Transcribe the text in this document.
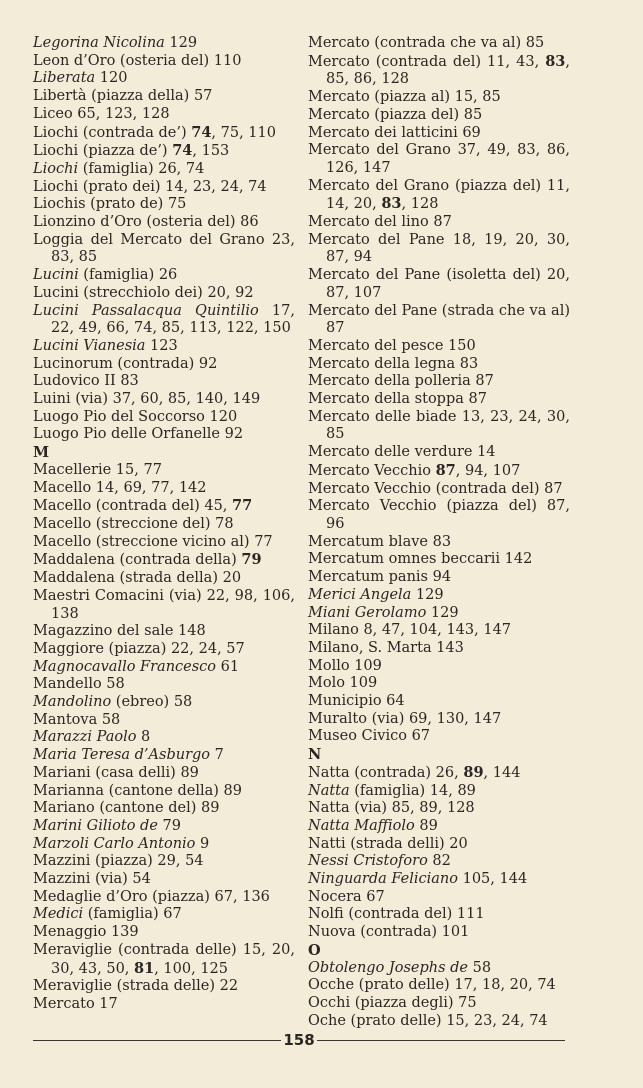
Legorina Nicolina 129
Leon d’Oro (osteria del) 110
Liberata 120
Libertà (piazza della) 57
Liceo 65, 123, 128
Liochi (contrada de’) 74, 75, 110
Liochi (piazza de’) 74, 153
Liochi (famiglia) 26, 74
Liochi (prato dei) 14, 23, 24, 74
Liochis (prato de) 75
Lionzino d’Oro (osteria del) 86
Loggia del Mercato del Grano 23, 83, 85
Lucini (famiglia) 26
Lucini (strecchiolo dei) 20, 92
Lucini Passalacqua Quintilio 17, 22, 49, 66, 74, 85, 113, 122, 150
Lucini Vianesia 123
Lucinorum (contrada) 92
Ludovico II 83
Luini (via) 37, 60, 85, 140, 149
Luogo Pio del Soccorso 120
Luogo Pio delle Orfanelle 92
M
Macellerie 15, 77
Macello 14, 69, 77, 142
Macello (contrada del) 45, 77
Macello (streccione del) 78
Macello (streccione vicino al) 77
Maddalena (contrada della) 79
Maddalena (strada della) 20
Maestri Comacini (via) 22, 98, 106, 138
Magazzino del sale 148
Maggiore (piazza) 22, 24, 57
Magnocavallo Francesco 61
Mandello 58
Mandolino (ebreo) 58
Mantova 58
Marazzi Paolo 8
Maria Teresa d’Asburgo 7
Mariani (casa delli) 89
Marianna (cantone della) 89
Mariano (cantone del) 89
Marini Gilioto de 79
Marzoli Carlo Antonio 9
Mazzini (piazza) 29, 54
Mazzini (via) 54
Medaglie d’Oro (piazza) 67, 136
Medici (famiglia) 67
Menaggio 139
Meraviglie (contrada delle) 15, 20, 30, 43, 50, 81, 100, 125
Meraviglie (strada delle) 22
Mercato 17
Mercato (contrada che va al) 85
Mercato (contrada del) 11, 43, 83, 85, 86, 128
Mercato (piazza al) 15, 85
Mercato (piazza del) 85
Mercato dei latticini 69
Mercato del Grano 37, 49, 83, 86, 126, 147
Mercato del Grano (piazza del) 11, 14, 20, 83, 128
Mercato del lino 87
Mercato del Pane 18, 19, 20, 30, 87, 94
Mercato del Pane (isoletta del) 20, 87, 107
Mercato del Pane (strada che va al) 87
Mercato del pesce 150
Mercato della legna 83
Mercato della polleria 87
Mercato della stoppa 87
Mercato delle biade 13, 23, 24, 30, 85
Mercato delle verdure 14
Mercato Vecchio 87, 94, 107
Mercato Vecchio (contrada del) 87
Mercato Vecchio (piazza del) 87, 96
Mercatum blave 83
Mercatum omnes beccarii 142
Mercatum panis 94
Merici Angela 129
Miani Gerolamo 129
Milano 8, 47, 104, 143, 147
Milano, S. Marta 143
Mollo 109
Molo 109
Municipio 64
Muralto (via) 69, 130, 147
Museo Civico 67
N
Natta (contrada) 26, 89, 144
Natta (famiglia) 14, 89
Natta (via) 85, 89, 128
Natta Maffiolo 89
Natti (strada delli) 20
Nessi Cristoforo 82
Ninguarda Feliciano 105, 144
Nocera 67
Nolfi (contrada del) 111
Nuova (contrada) 101
O
Obtolengo Josephs de 58
Ocche (prato delle) 17, 18, 20, 74
Occhi (piazza degli) 75
Oche (prato delle) 15, 23, 24, 74
158
